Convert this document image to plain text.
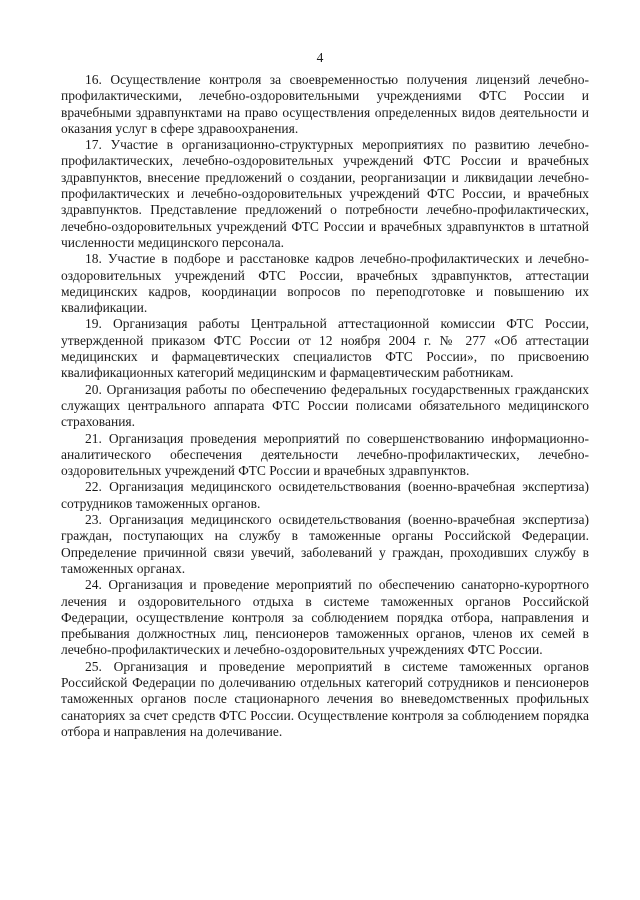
4

16. Осуществление контроля за своевременностью получения лицензий лечебно-профилактическими, лечебно-оздоровительными учреждениями ФТС России и врачебными здравпунктами на право осуществления определенных видов деятельности и оказания услуг в сфере здравоохранения.

17. Участие в организационно-структурных мероприятиях по развитию лечебно-профилактических, лечебно-оздоровительных учреждений ФТС России и врачебных здравпунктов, внесение предложений о создании, реорганизации и ликвидации лечебно-профилактических и лечебно-оздоровительных учреждений ФТС России, и врачебных здравпунктов. Представление предложений о потребности лечебно-профилактических, лечебно-оздоровительных учреждений ФТС России и врачебных здравпунктов в штатной численности медицинского персонала.

18. Участие в подборе и расстановке кадров лечебно-профилактических и лечебно-оздоровительных учреждений ФТС России, врачебных здравпунктов, аттестации медицинских кадров, координации вопросов по переподготовке и повышению их квалификации.

19. Организация работы Центральной аттестационной комиссии ФТС России, утвержденной приказом ФТС России от 12 ноября 2004 г. № 277 «Об аттестации медицинских и фармацевтических специалистов ФТС России», по присвоению квалификационных категорий медицинским и фармацевтическим работникам.

20. Организация работы по обеспечению федеральных государственных гражданских служащих центрального аппарата ФТС России полисами обязательного медицинского страхования.

21. Организация проведения мероприятий по совершенствованию информационно-аналитического обеспечения деятельности лечебно-профилактических, лечебно-оздоровительных учреждений ФТС России и врачебных здравпунктов.

22. Организация медицинского освидетельствования (военно-врачебная экспертиза) сотрудников таможенных органов.

23. Организация медицинского освидетельствования (военно-врачебная экспертиза) граждан, поступающих на службу в таможенные органы Российской Федерации. Определение причинной связи увечий, заболеваний у граждан, проходивших службу в таможенных органах.

24. Организация и проведение мероприятий по обеспечению санаторно-курортного лечения и оздоровительного отдыха в системе таможенных органов Российской Федерации, осуществление контроля за соблюдением порядка отбора, направления и пребывания должностных лиц, пенсионеров таможенных органов, членов их семей в лечебно-профилактических и лечебно-оздоровительных учреждениях ФТС России.

25. Организация и проведение мероприятий в системе таможенных органов Российской Федерации по долечиванию отдельных категорий сотрудников и пенсионеров таможенных органов после стационарного лечения во вневедомственных профильных санаториях за счет средств ФТС России. Осуществление контроля за соблюдением порядка отбора и направления на долечивание.
